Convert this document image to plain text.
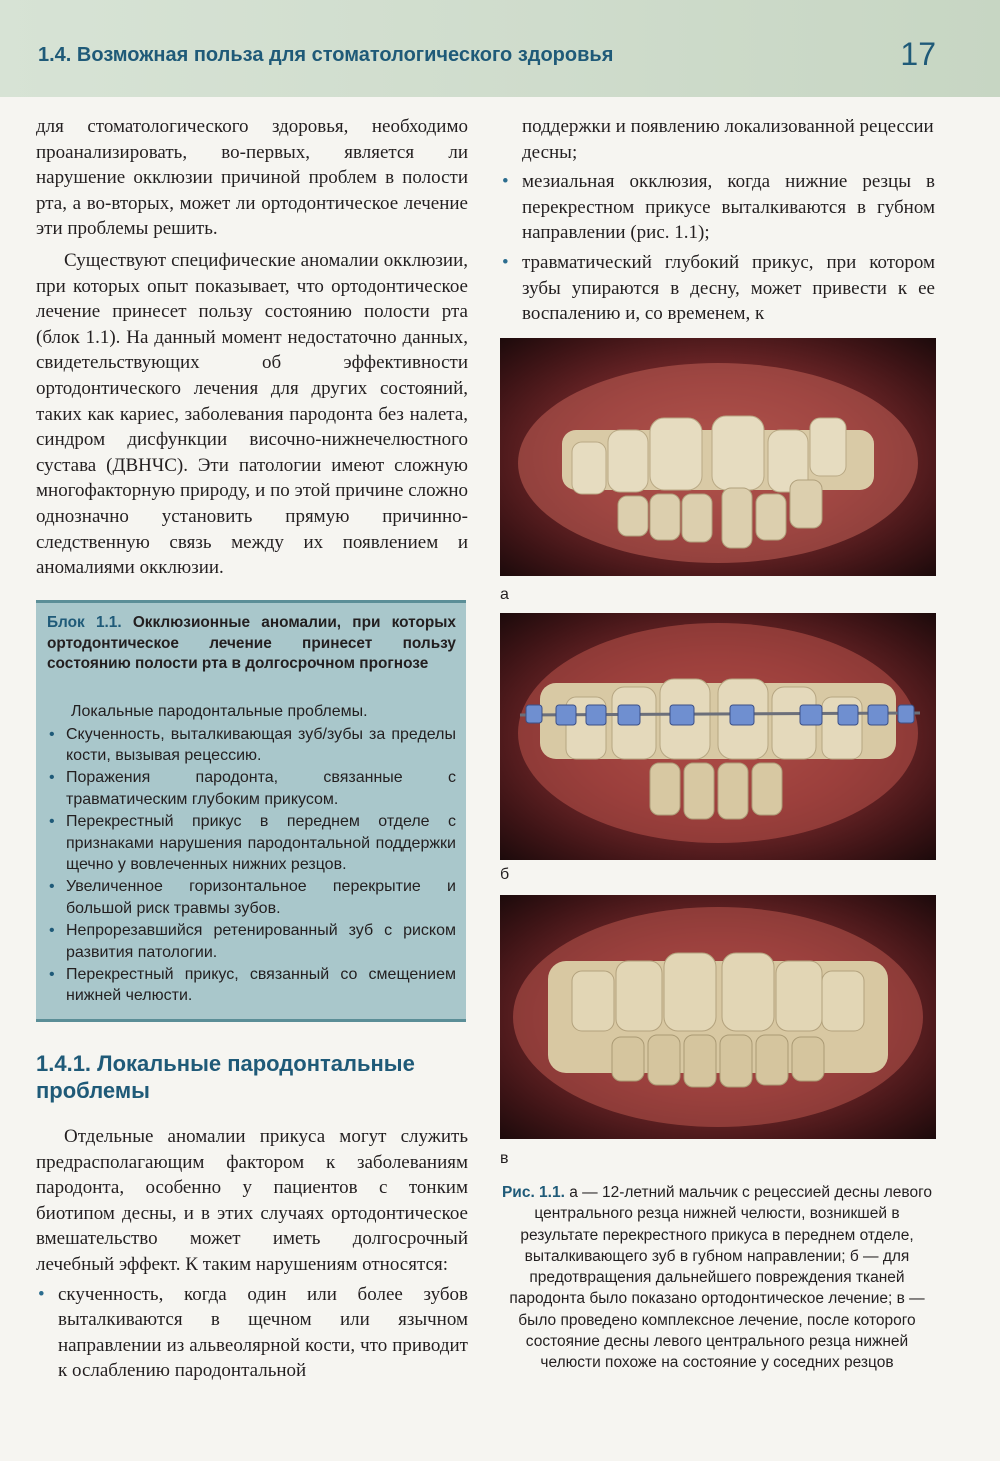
1.4. Возможная польза для стоматологического здоровья	17

для стоматологического здоровья, необходимо проанализировать, во-первых, является ли нарушение окклюзии причиной проблем в полости рта, а во-вторых, может ли ортодонтическое лечение эти проблемы решить.

Существуют специфические аномалии окклюзии, при которых опыт показывает, что ортодонтическое лечение принесет пользу состоянию полости рта (блок 1.1). На данный момент недостаточно данных, свидетельствующих об эффективности ортодонтического лечения для других состояний, таких как кариес, заболевания пародонта без налета, синдром дисфункции височно-нижнечелюстного сустава (ДВНЧС). Эти патологии имеют сложную многофакторную природу, и по этой причине сложно однозначно установить прямую причинно-следственную связь между их появлением и аномалиями окклюзии.

Блок 1.1. Окклюзионные аномалии, при которых ортодонтическое лечение принесет пользу состоянию полости рта в долгосрочном прогнозе

Локальные пародонтальные проблемы.
• Скученность, выталкивающая зуб/зубы за пределы кости, вызывая рецессию.
• Поражения пародонта, связанные с травматическим глубоким прикусом.
• Перекрестный прикус в переднем отделе с признаками нарушения пародонтальной поддержки щечно у вовлеченных нижних резцов.
• Увеличенное горизонтальное перекрытие и большой риск травмы зубов.
• Непрорезавшийся ретенированный зуб с риском развития патологии.
• Перекрестный прикус, связанный со смещением нижней челюсти.
1.4.1. Локальные пародонтальные проблемы

Отдельные аномалии прикуса могут служить предрасполагающим фактором к заболеваниям пародонта, особенно у пациентов с тонким биотипом десны, и в этих случаях ортодонтическое вмешательство может иметь долгосрочный лечебный эффект. К таким нарушениям относятся:

• скученность, когда один или более зубов выталкиваются в щечном или язычном направлении из альвеолярной кости, что приводит к ослаблению пародонтальной

поддержки и появлению локализованной рецессии десны;

• мезиальная окклюзия, когда нижние резцы в перекрестном прикусе выталкиваются в губном направлении (рис. 1.1);
• травматический глубокий прикус, при котором зубы упираются в десну, может привести к ее воспалению и, со временем, к
а
б
в

Рис. 1.1. а — 12-летний мальчик с рецессией десны левого центрального резца нижней челюсти, возникшей в результате перекрестного прикуса в переднем отделе, выталкивающего зуб в губном направлении; б — для предотвращения дальнейшего повреждения тканей пародонта было показано ортодонтическое лечение; в — было проведено комплексное лечение, после которого состояние десны левого центрального резца нижней челюсти похоже на состояние у соседних резцов
